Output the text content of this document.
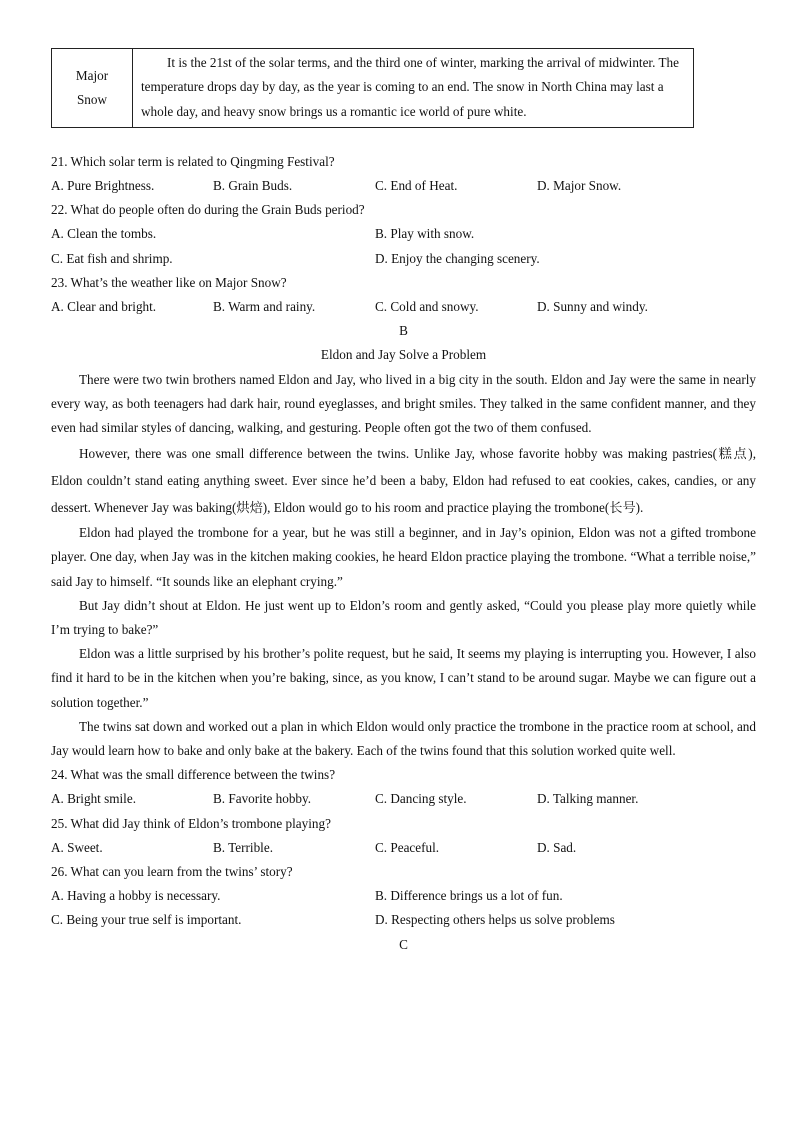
Major
Snow
	It is the 21st of the solar terms, and the third one of winter, marking the arrival of midwinter. The temperature drops day by day, as the year is coming to an end. The snow in North China may last a whole day, and heavy snow brings us a romantic ice world of pure white.
21. Which solar term is related to Qingming Festival?
A. Pure Brightness.	B. Grain Buds.	C. End of Heat.	D. Major Snow.
22. What do people often do during the Grain Buds period?
A. Clean the tombs.	B. Play with snow.
C. Eat fish and shrimp.	D. Enjoy the changing scenery.
23. What’s the weather like on Major Snow?
A. Clear and bright.	B. Warm and rainy.	C. Cold and snowy.	D. Sunny and windy.
B
Eldon and Jay Solve a Problem

There were two twin brothers named Eldon and Jay, who lived in a big city in the south. Eldon and Jay were the same in nearly every way, as both teenagers had dark hair, round eyeglasses, and bright smiles. They talked in the same confident manner, and they even had similar styles of dancing, walking, and gesturing. People often got the two of them confused.

However, there was one small difference between the twins. Unlike Jay, whose favorite hobby was making pastries(糕点), Eldon couldn’t stand eating anything sweet. Ever since he’d been a baby, Eldon had refused to eat cookies, cakes, candies, or any dessert. Whenever Jay was baking(烘焙), Eldon would go to his room and practice playing the trombone(长号).

Eldon had played the trombone for a year, but he was still a beginner, and in Jay’s opinion, Eldon was not a gifted trombone player. One day, when Jay was in the kitchen making cookies, he heard Eldon practice playing the trombone. “What a terrible noise,” said Jay to himself. “It sounds like an elephant crying.”

But Jay didn’t shout at Eldon. He just went up to Eldon’s room and gently asked, “Could you please play more quietly while I’m trying to bake?”

Eldon was a little surprised by his brother’s polite request, but he said, It seems my playing is interrupting you. However, I also find it hard to be in the kitchen when you’re baking, since, as you know, I can’t stand to be around sugar. Maybe we can figure out a solution together.”

The twins sat down and worked out a plan in which Eldon would only practice the trombone in the practice room at school, and Jay would learn how to bake and only bake at the bakery. Each of the twins found that this solution worked quite well.

24. What was the small difference between the twins?
A. Bright smile.	B. Favorite hobby.	C. Dancing style.	D. Talking manner.
25. What did Jay think of Eldon’s trombone playing?
A. Sweet.	B. Terrible.	C. Peaceful.	D. Sad.
26. What can you learn from the twins’ story?
A. Having a hobby is necessary.	B. Difference brings us a lot of fun.
C. Being your true self is important.	D. Respecting others helps us solve problems
C
